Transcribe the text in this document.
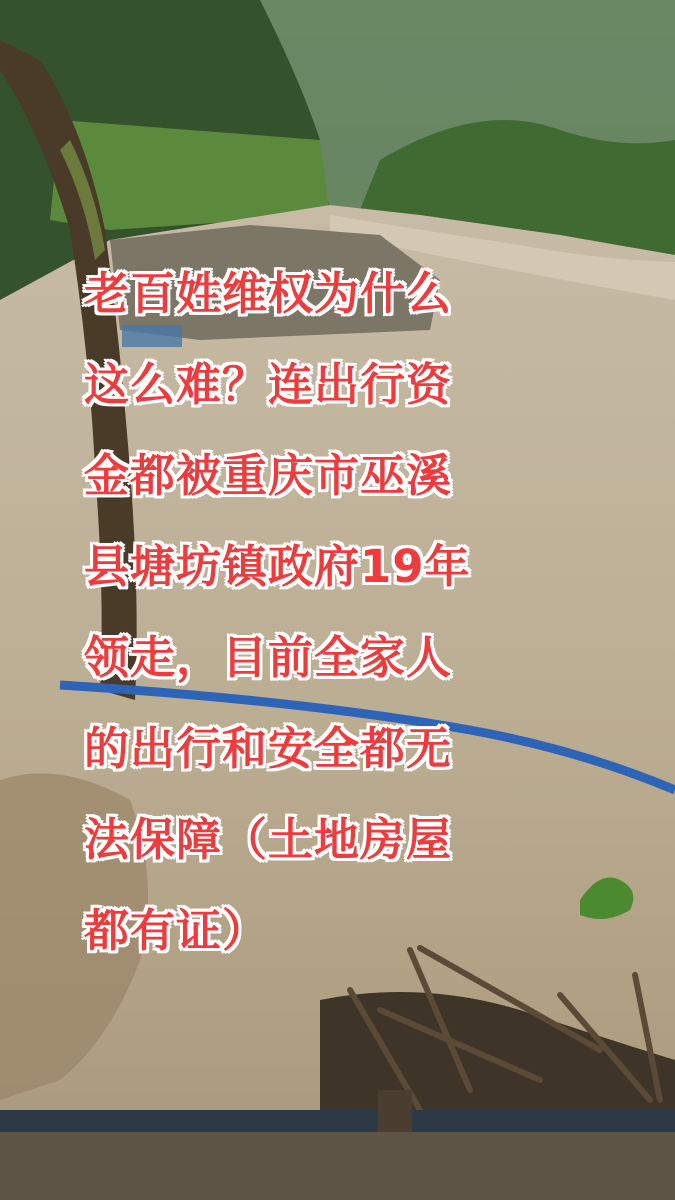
老百姓维权为什么
这么难？连出行资
金都被重庆市巫溪
县塘坊镇政府19年
领走，目前全家人
的出行和安全都无
法保障（土地房屋
都有证）
